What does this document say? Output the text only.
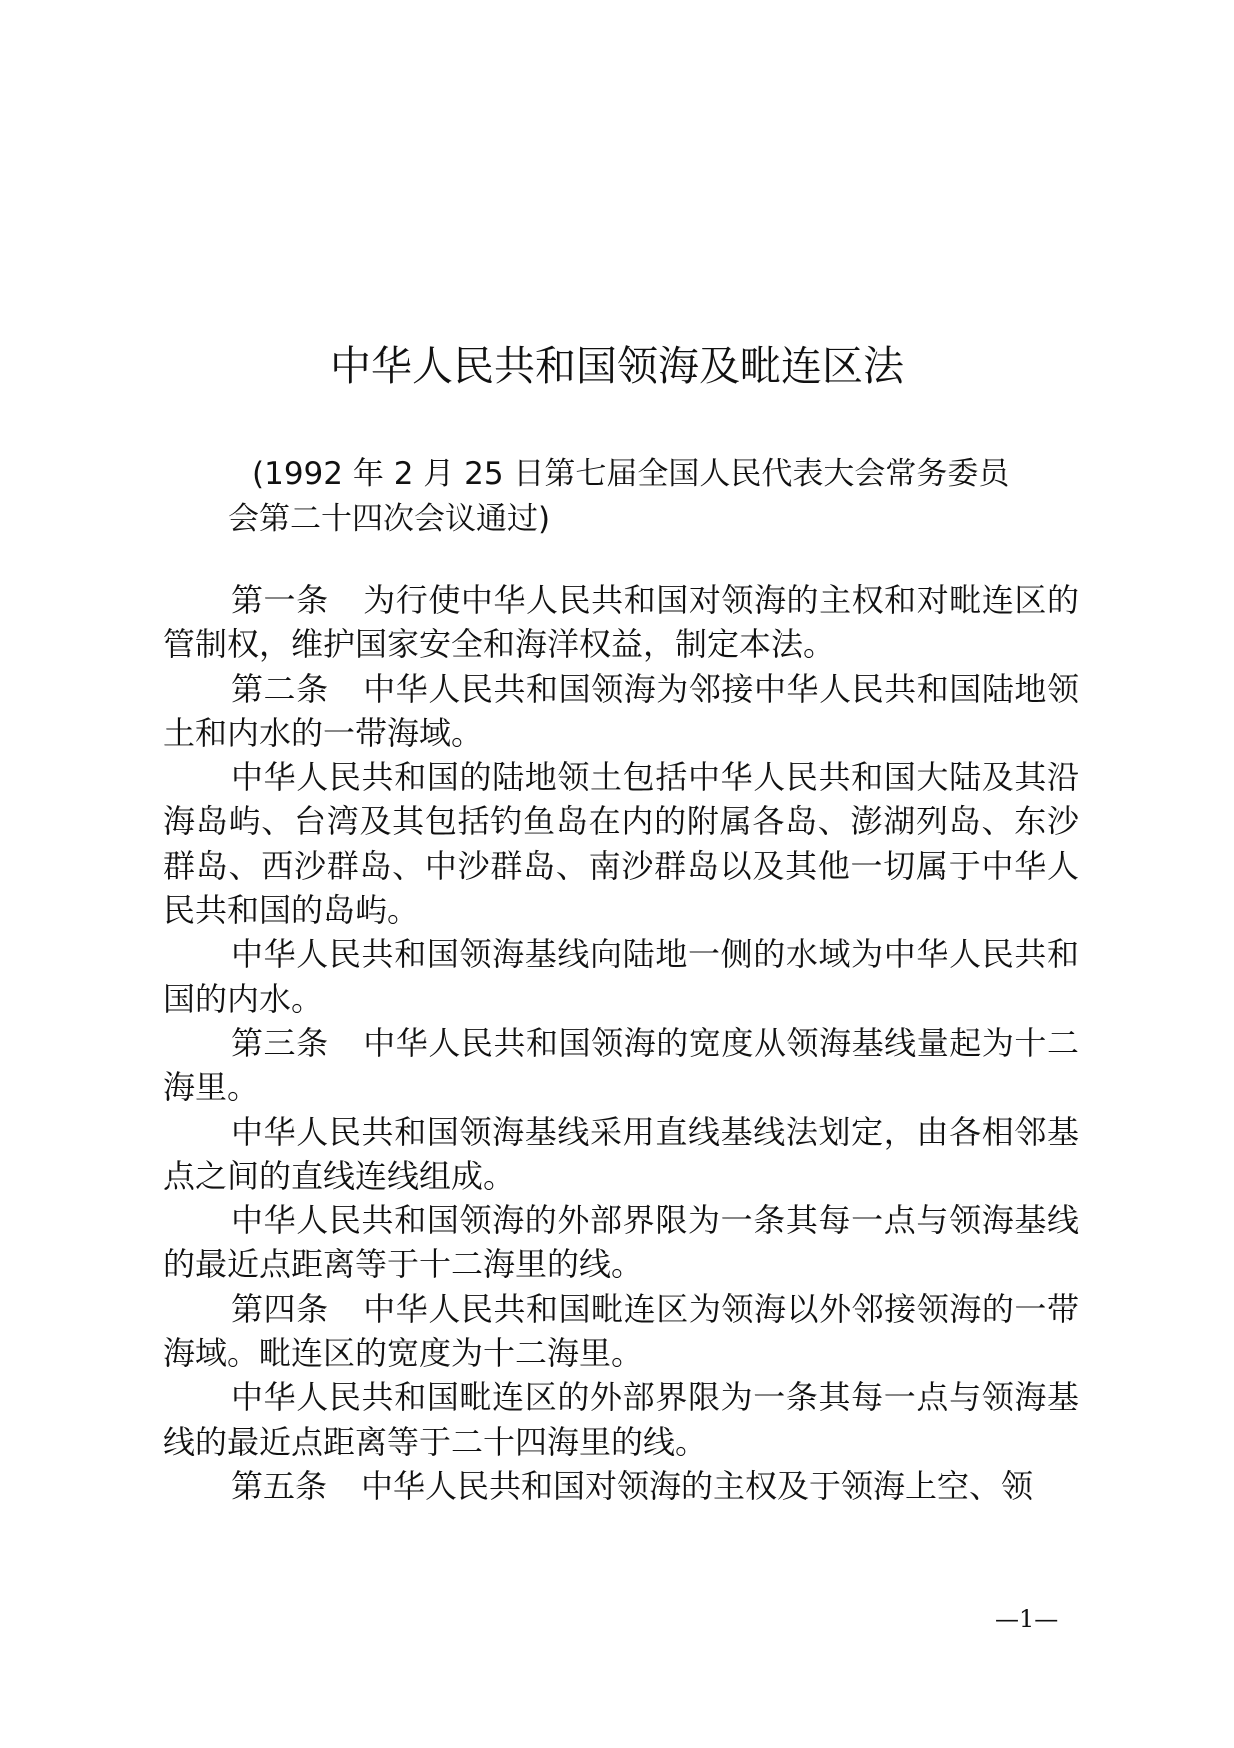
中华人民共和国领海及毗连区法
(1992 年 2 月 25 日第七届全国人民代表大会常务委员
会第二十四次会议通过)

第一条 为行使中华人民共和国对领海的主权和对毗连区的管制权，维护国家安全和海洋权益，制定本法。

第二条 中华人民共和国领海为邻接中华人民共和国陆地领土和内水的一带海域。

中华人民共和国的陆地领土包括中华人民共和国大陆及其沿海岛屿、台湾及其包括钓鱼岛在内的附属各岛、澎湖列岛、东沙群岛、西沙群岛、中沙群岛、南沙群岛以及其他一切属于中华人民共和国的岛屿。

中华人民共和国领海基线向陆地一侧的水域为中华人民共和国的内水。

第三条 中华人民共和国领海的宽度从领海基线量起为十二海里。

中华人民共和国领海基线采用直线基线法划定，由各相邻基点之间的直线连线组成。

中华人民共和国领海的外部界限为一条其每一点与领海基线的最近点距离等于十二海里的线。

第四条 中华人民共和国毗连区为领海以外邻接领海的一带海域。毗连区的宽度为十二海里。

中华人民共和国毗连区的外部界限为一条其每一点与领海基线的最近点距离等于二十四海里的线。

第五条 中华人民共和国对领海的主权及于领海上空、领

—1—
